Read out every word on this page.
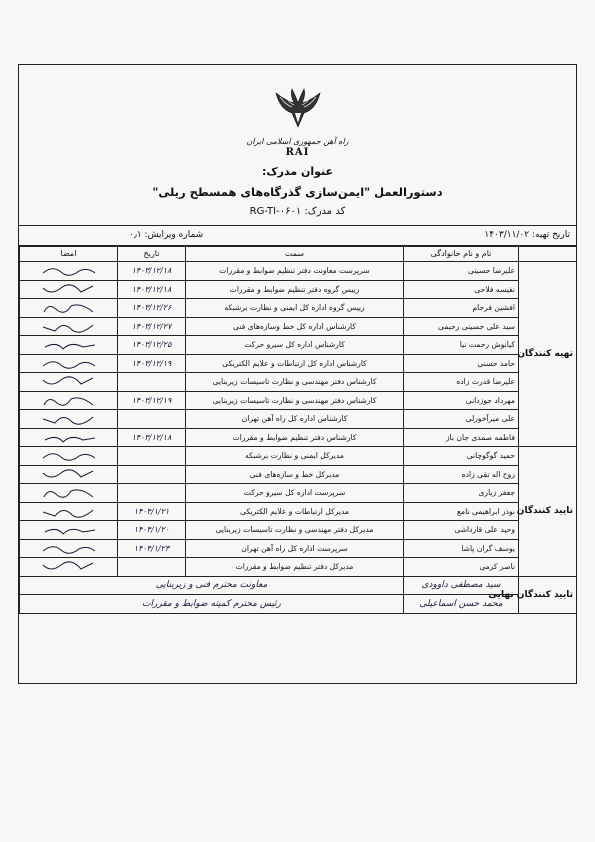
راه آهن جمهوری اسلامی ایران
RAI
عنوان مدرک:
دستورالعمل "ایمن‌سازی گذرگاه‌های همسطح ریلی"
کد مدرک: RG-TI-۰۶۰۱
تاریخ تهیه: ۱۴۰۳/۱۱/۰۲
شماره ویرایش: ۰٫۱
	نام و نام خانوادگی	سمت	تاریخ	امضا
تهیه کنندگان	علیرضا حسینی	سرپرست معاونت دفتر تنظیم ضوابط و مقررات	۱۴۰۳/۱۲/۱۸	
	نفیسه فلاحی	رییس گروه دفتر تنظیم ضوابط و مقررات	۱۴۰۳/۱۲/۱۸	
	افشین فرجام	رییس گروه اداره کل ایمنی و نظارت برشبکه	۱۴۰۳/۱۲/۲۶	
	سید علی حسینی رحیمی	کارشناس اداره کل خط وسازه‌های فنی	۱۴۰۳/۱۲/۲۷	
	کیانوش رحمت نیا	کارشناس اداره کل سیرو حرکت	۱۴۰۳/۱۲/۲۵	
	حامد حسنی	کارشناس اداره کل ارتباطات و علایم الکتریکی	۱۴۰۳/۱۲/۱۹	
	علیرضا قدرت زاده	کارشناس دفتر مهندسی و نظارت تاسیسات زیربنایی		
	مهرداد جوزدانی	کارشناس دفتر مهندسی و نظارت تاسیسات زیربنایی	۱۴۰۳/۱۲/۱۹	
	علی میرآخورلی	کارشناس اداره کل راه آهن تهران		
	فاطمه صمدی جان باز	کارشناس دفتر تنظیم ضوابط و مقررات	۱۴۰۳/۱۲/۱۸	
تایید کنندگان	حمید گوگوچانی	مدیرکل ایمنی و نظارت برشبکه		
	روح اله تقی زاده	مدیرکل خط و سازه‌های فنی		
	جعفر زیاری	سرپرست اداره کل سیرو حرکت		
	نوذر ابراهیمی تامع	مدیرکل ارتباطات و علایم الکتریکی	۱۴۰۴/۱/۲۱	
	وحید علی قارداشی	مدیرکل دفتر مهندسی و نظارت تاسیسات زیربنایی	۱۴۰۴/۱/۲۰	
	یوسف گران پاشا	سرپرست اداره کل راه آهن تهران	۱۴۰۴/۱/۲۳	
	ناصر کرمی	مدیرکل دفتر تنظیم ضوابط و مقررات		
تایید کنندگان نهایی	سید مصطفی داوودی	معاونت محترم فنی و زیربنایی		
	محمد حسن اسماعیلی	رئیس محترم کمیته ضوابط و مقررات		
